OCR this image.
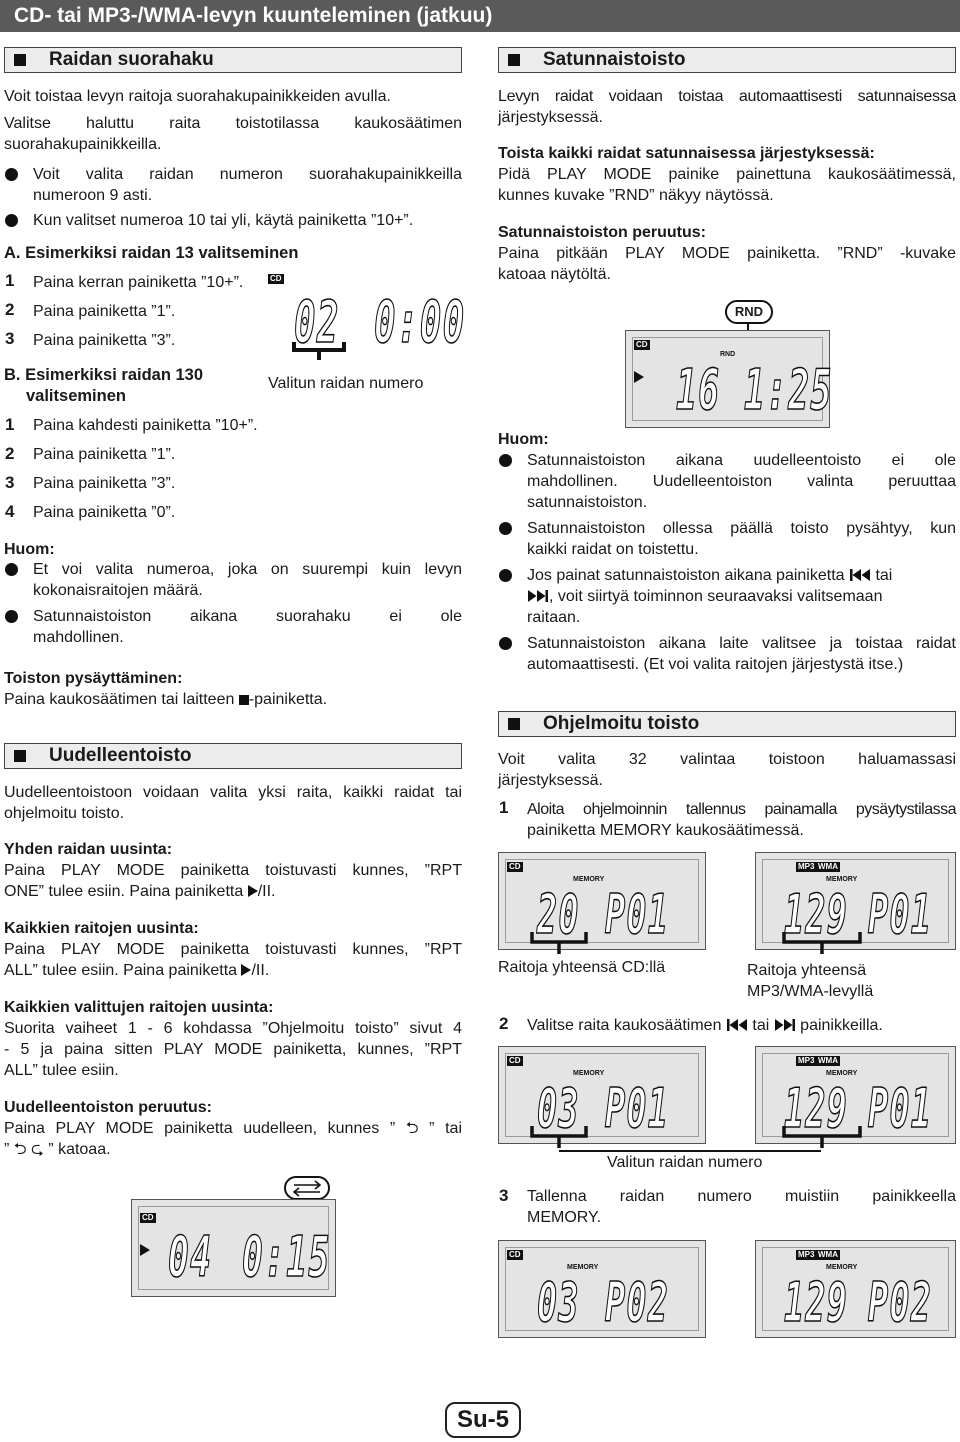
CD- tai MP3-/WMA-levyn kuunteleminen (jatkuu)
Raidan suorahaku
Voit toistaa levyn raitoja suorahakupainikkeiden avulla.
Valitse haluttu raita toistotilassa kaukosäätimen
suorahakupainikkeilla.
Voit valita raidan numeron suorahakupainikkeilla
numeroon 9 asti.
Kun valitset numeroa 10 tai yli, käytä painiketta ”10+”.
A. Esimerkiksi raidan 13 valitseminen
1 Paina kerran painiketta ”10+”.
2 Paina painiketta ”1”.
3 Paina painiketta ”3”.
CD
02 0:00
Valitun raidan numero
B. Esimerkiksi raidan 130
valitseminen
1 Paina kahdesti painiketta ”10+”.
2 Paina painiketta ”1”.
3 Paina painiketta ”3”.
4 Paina painiketta ”0”.
Huom:
Et voi valita numeroa, joka on suurempi kuin levyn
kokonaisraitojen määrä.
Satunnaistoiston aikana suorahaku ei ole
mahdollinen.
Toiston pysäyttäminen:
Paina kaukosäätimen tai laitteen -painiketta.
Uudelleentoisto
Uudelleentoistoon voidaan valita yksi raita, kaikki raidat tai
ohjelmoitu toisto.
Yhden raidan uusinta:
Paina PLAY MODE painiketta toistuvasti kunnes, ”RPT
ONE” tulee esiin. Paina painiketta /II.
Kaikkien raitojen uusinta:
Paina PLAY MODE painiketta toistuvasti kunnes, ”RPT
ALL” tulee esiin. Paina painiketta /II.
Kaikkien valittujen raitojen uusinta:
Suorita vaiheet 1 - 6 kohdassa ”Ohjelmoitu toisto” sivut 4
- 5 ja paina sitten PLAY MODE painiketta, kunnes, ”RPT
ALL” tulee esiin.
Uudelleentoiston peruutus:
Paina PLAY MODE painiketta uudelleen, kunnes ” ⮌ ” tai
” ⮌ ⮎ ” katoaa.
CD
04 0:15
Satunnaistoisto
Levyn raidat voidaan toistaa automaattisesti satunnaisessa
järjestyksessä.
Toista kaikki raidat satunnaisessa järjestyksessä:
Pidä PLAY MODE painike painettuna kaukosäätimessä,
kunnes kuvake ”RND” näkyy näytössä.
Satunnaistoiston peruutus:
Paina pitkään PLAY MODE painiketta. ”RND” -kuvake
katoaa näytöltä.
RND
CD
RND
16 1:25
Huom:
Satunnaistoiston aikana uudelleentoisto ei ole
mahdollinen. Uudelleentoiston valinta peruuttaa
satunnaistoiston.
Satunnaistoiston ollessa päällä toisto pysähtyy, kun
kaikki raidat on toistettu.
Jos painat satunnaistoiston aikana painiketta  tai
, voit siirtyä toiminnon seuraavaksi valitsemaan
raitaan.
Satunnaistoiston aikana laite valitsee ja toistaa raidat
automaattisesti. (Et voi valita raitojen järjestystä itse.)
Ohjelmoitu toisto
Voit valita 32 valintaa toistoon haluamassasi
järjestyksessä.
1 Aloita ohjelmoinnin tallennus painamalla pysäytystilassa
painiketta MEMORY kaukosäätimessä.
CD
MEMORY
20 P01
MP3 WMA
MEMORY
129 P01
Raitoja yhteensä CD:llä	Raitoja yhteensä
MP3/WMA-levyllä
2 Valitse raita kaukosäätimen  tai  painikkeilla.
CD
MEMORY
03 P01
MP3 WMA
MEMORY
129 P01
Valitun raidan numero
3 Tallenna raidan numero muistiin painikkeella
MEMORY.
CD
MEMORY
03 P02
MP3 WMA
MEMORY
129 P02
Su-5
